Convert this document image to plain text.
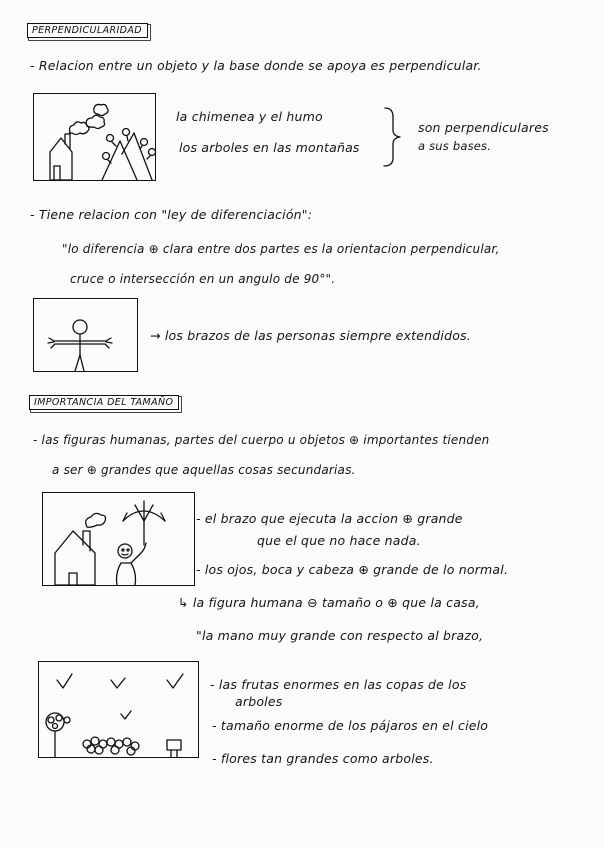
PERPENDICULARIDAD
- Relacion entre un objeto y la base donde se apoya es perpendicular.
la chimenea y el humo
los arboles en las montañas
son perpendiculares
a sus bases.
- Tiene relacion con "ley de diferenciación":
"lo diferencia ⊕ clara entre dos partes es la orientacion perpendicular,
cruce o intersección en un angulo de 90°".
→ los brazos de las personas siempre extendidos.
IMPORTANCIA DEL TAMAÑO
- las figuras humanas, partes del cuerpo u objetos ⊕ importantes tienden
a ser ⊕ grandes que aquellas cosas secundarias.
- el brazo que ejecuta la accion ⊕ grande
que el que no hace nada.
- los ojos, boca y cabeza ⊕ grande de lo normal.
↳ la figura humana ⊖ tamaño o ⊕ que la casa,
"la mano muy grande con respecto al brazo,
- las frutas enormes en las copas de los
arboles
- tamaño enorme de los pájaros en el cielo
- flores tan grandes como arboles.
